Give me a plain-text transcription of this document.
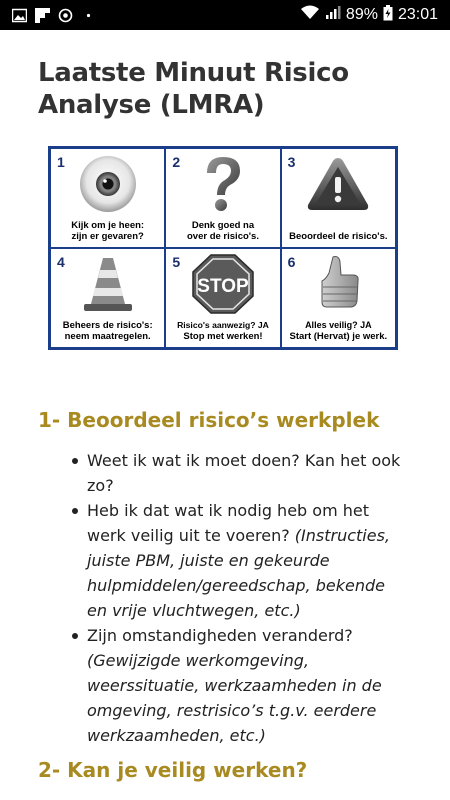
89% 23:01
Laatste Minuut Risico Analyse (LMRA)
1
Kijk om je heen:
zijn er gevaren?
2
Denk goed na
over de risico's.
3
Beoordeel de risico's.
4
Beheers de risico's:
neem maatregelen.
5
STOP
Risico's aanwezig? JA
Stop met werken!
6
Alles veilig? JA
Start (Hervat) je werk.
1- Beoordeel risico’s werkplek
Weet ik wat ik moet doen? Kan het ook zo?
Heb ik dat wat ik nodig heb om het werk veilig uit te voeren? (Instructies, juiste PBM, juiste en gekeurde hulpmiddelen/gereedschap, bekende en vrije vluchtwegen, etc.)
Zijn omstandigheden veranderd? (Gewijzigde werkomgeving, weerssituatie, werkzaamheden in de omgeving, restrisico’s t.g.v. eerdere werkzaamheden, etc.)
2- Kan je veilig werken?
